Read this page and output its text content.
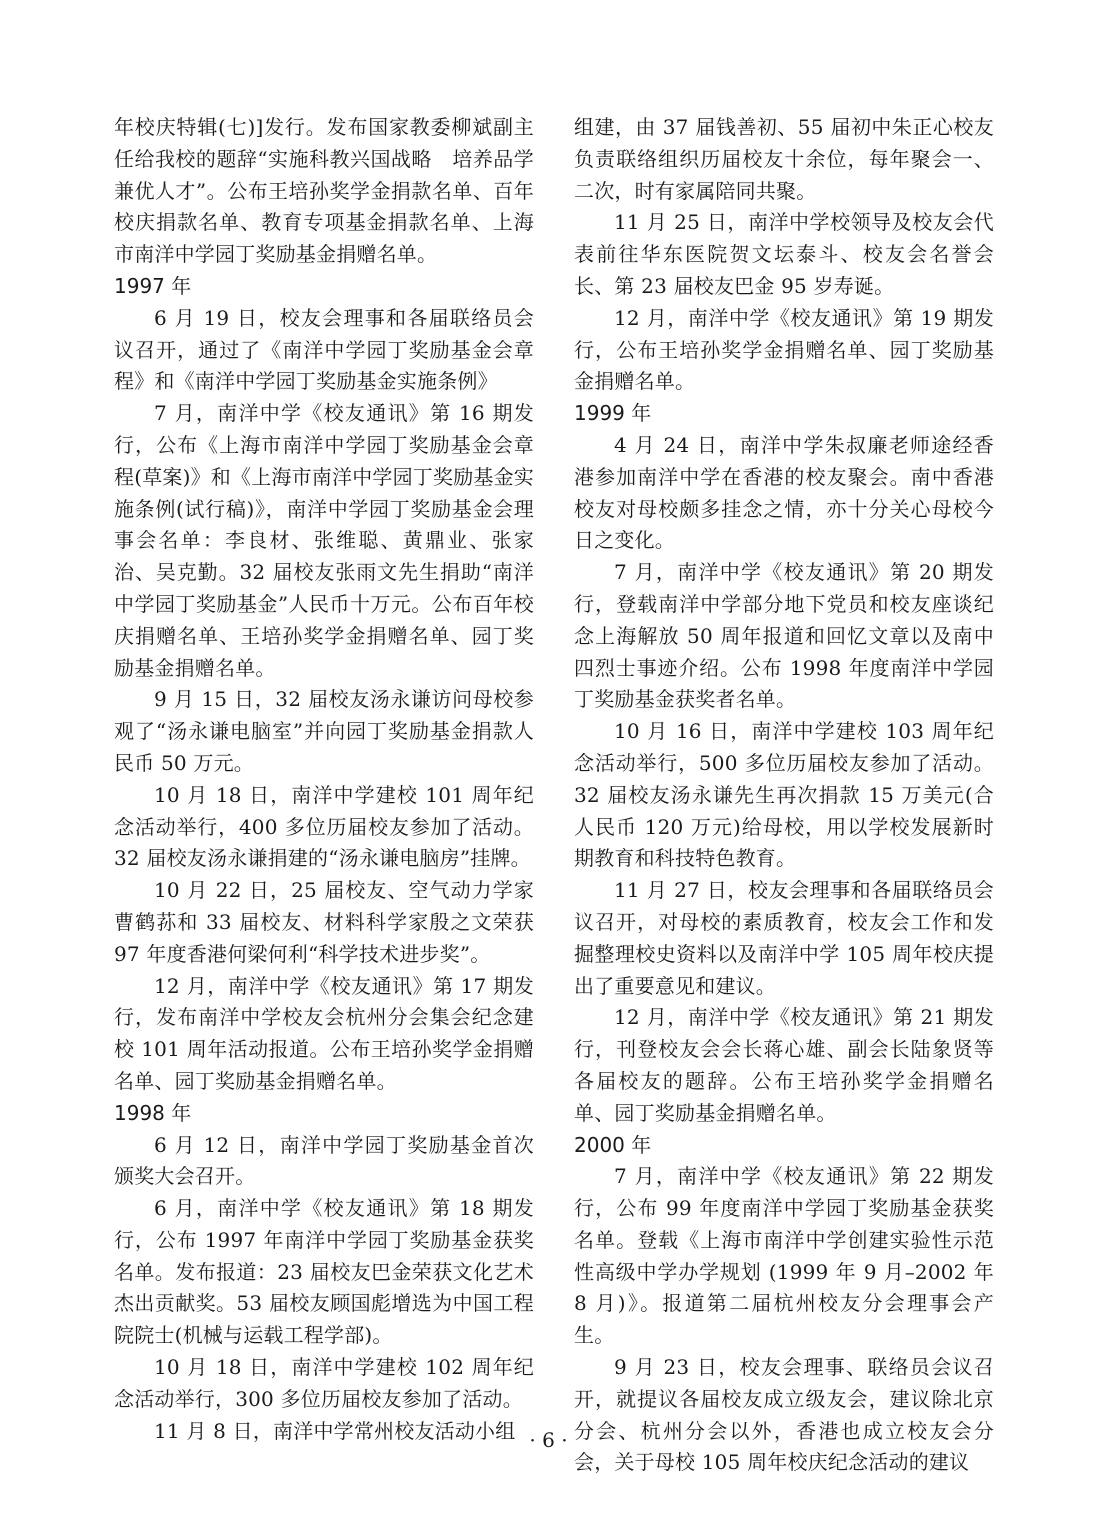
年校庆特辑(七)]发行。发布国家教委柳斌副主任给我校的题辞“实施科教兴国战略　培养品学兼优人才”。公布王培孙奖学金捐款名单、百年校庆捐款名单、教育专项基金捐款名单、上海市南洋中学园丁奖励基金捐赠名单。

1997 年

6 月 19 日，校友会理事和各届联络员会议召开，通过了《南洋中学园丁奖励基金会章程》和《南洋中学园丁奖励基金实施条例》

7 月，南洋中学《校友通讯》第 16 期发行，公布《上海市南洋中学园丁奖励基金会章程(草案)》和《上海市南洋中学园丁奖励基金实施条例(试行稿)》，南洋中学园丁奖励基金会理事会名单：李良材、张维聪、黄鼎业、张家治、吴克勤。32 届校友张雨文先生捐助“南洋中学园丁奖励基金”人民币十万元。公布百年校庆捐赠名单、王培孙奖学金捐赠名单、园丁奖励基金捐赠名单。

9 月 15 日，32 届校友汤永谦访问母校参观了“汤永谦电脑室”并向园丁奖励基金捐款人民币 50 万元。

10 月 18 日，南洋中学建校 101 周年纪念活动举行，400 多位历届校友参加了活动。32 届校友汤永谦捐建的“汤永谦电脑房”挂牌。

10 月 22 日，25 届校友、空气动力学家曹鹤荪和 33 届校友、材料科学家殷之文荣获 97 年度香港何梁何利“科学技术进步奖”。

12 月，南洋中学《校友通讯》第 17 期发行，发布南洋中学校友会杭州分会集会纪念建校 101 周年活动报道。公布王培孙奖学金捐赠名单、园丁奖励基金捐赠名单。

1998 年

6 月 12 日，南洋中学园丁奖励基金首次颁奖大会召开。

6 月，南洋中学《校友通讯》第 18 期发行，公布 1997 年南洋中学园丁奖励基金获奖名单。发布报道：23 届校友巴金荣获文化艺术杰出贡献奖。53 届校友顾国彪增选为中国工程院院士(机械与运载工程学部)。

10 月 18 日，南洋中学建校 102 周年纪念活动举行，300 多位历届校友参加了活动。

11 月 8 日，南洋中学常州校友活动小组

组建，由 37 届钱善初、55 届初中朱正心校友负责联络组织历届校友十余位，每年聚会一、二次，时有家属陪同共聚。

11 月 25 日，南洋中学校领导及校友会代表前往华东医院贺文坛泰斗、校友会名誉会长、第 23 届校友巴金 95 岁寿诞。

12 月，南洋中学《校友通讯》第 19 期发行，公布王培孙奖学金捐赠名单、园丁奖励基金捐赠名单。

1999 年

4 月 24 日，南洋中学朱叔廉老师途经香港参加南洋中学在香港的校友聚会。南中香港校友对母校颇多挂念之情，亦十分关心母校今日之变化。

7 月，南洋中学《校友通讯》第 20 期发行，登载南洋中学部分地下党员和校友座谈纪念上海解放 50 周年报道和回忆文章以及南中四烈士事迹介绍。公布 1998 年度南洋中学园丁奖励基金获奖者名单。

10 月 16 日，南洋中学建校 103 周年纪念活动举行，500 多位历届校友参加了活动。32 届校友汤永谦先生再次捐款 15 万美元(合人民币 120 万元)给母校，用以学校发展新时期教育和科技特色教育。

11 月 27 日，校友会理事和各届联络员会议召开，对母校的素质教育，校友会工作和发掘整理校史资料以及南洋中学 105 周年校庆提出了重要意见和建议。

12 月，南洋中学《校友通讯》第 21 期发行，刊登校友会会长蒋心雄、副会长陆象贤等各届校友的题辞。公布王培孙奖学金捐赠名单、园丁奖励基金捐赠名单。

2000 年

7 月，南洋中学《校友通讯》第 22 期发行，公布 99 年度南洋中学园丁奖励基金获奖名单。登载《上海市南洋中学创建实验性示范性高级中学办学规划 (1999 年 9 月–2002 年 8 月)》。报道第二届杭州校友分会理事会产生。

9 月 23 日，校友会理事、联络员会议召开，就提议各届校友成立级友会，建议除北京分会、杭州分会以外，香港也成立校友会分会，关于母校 105 周年校庆纪念活动的建议

· 6 ·
